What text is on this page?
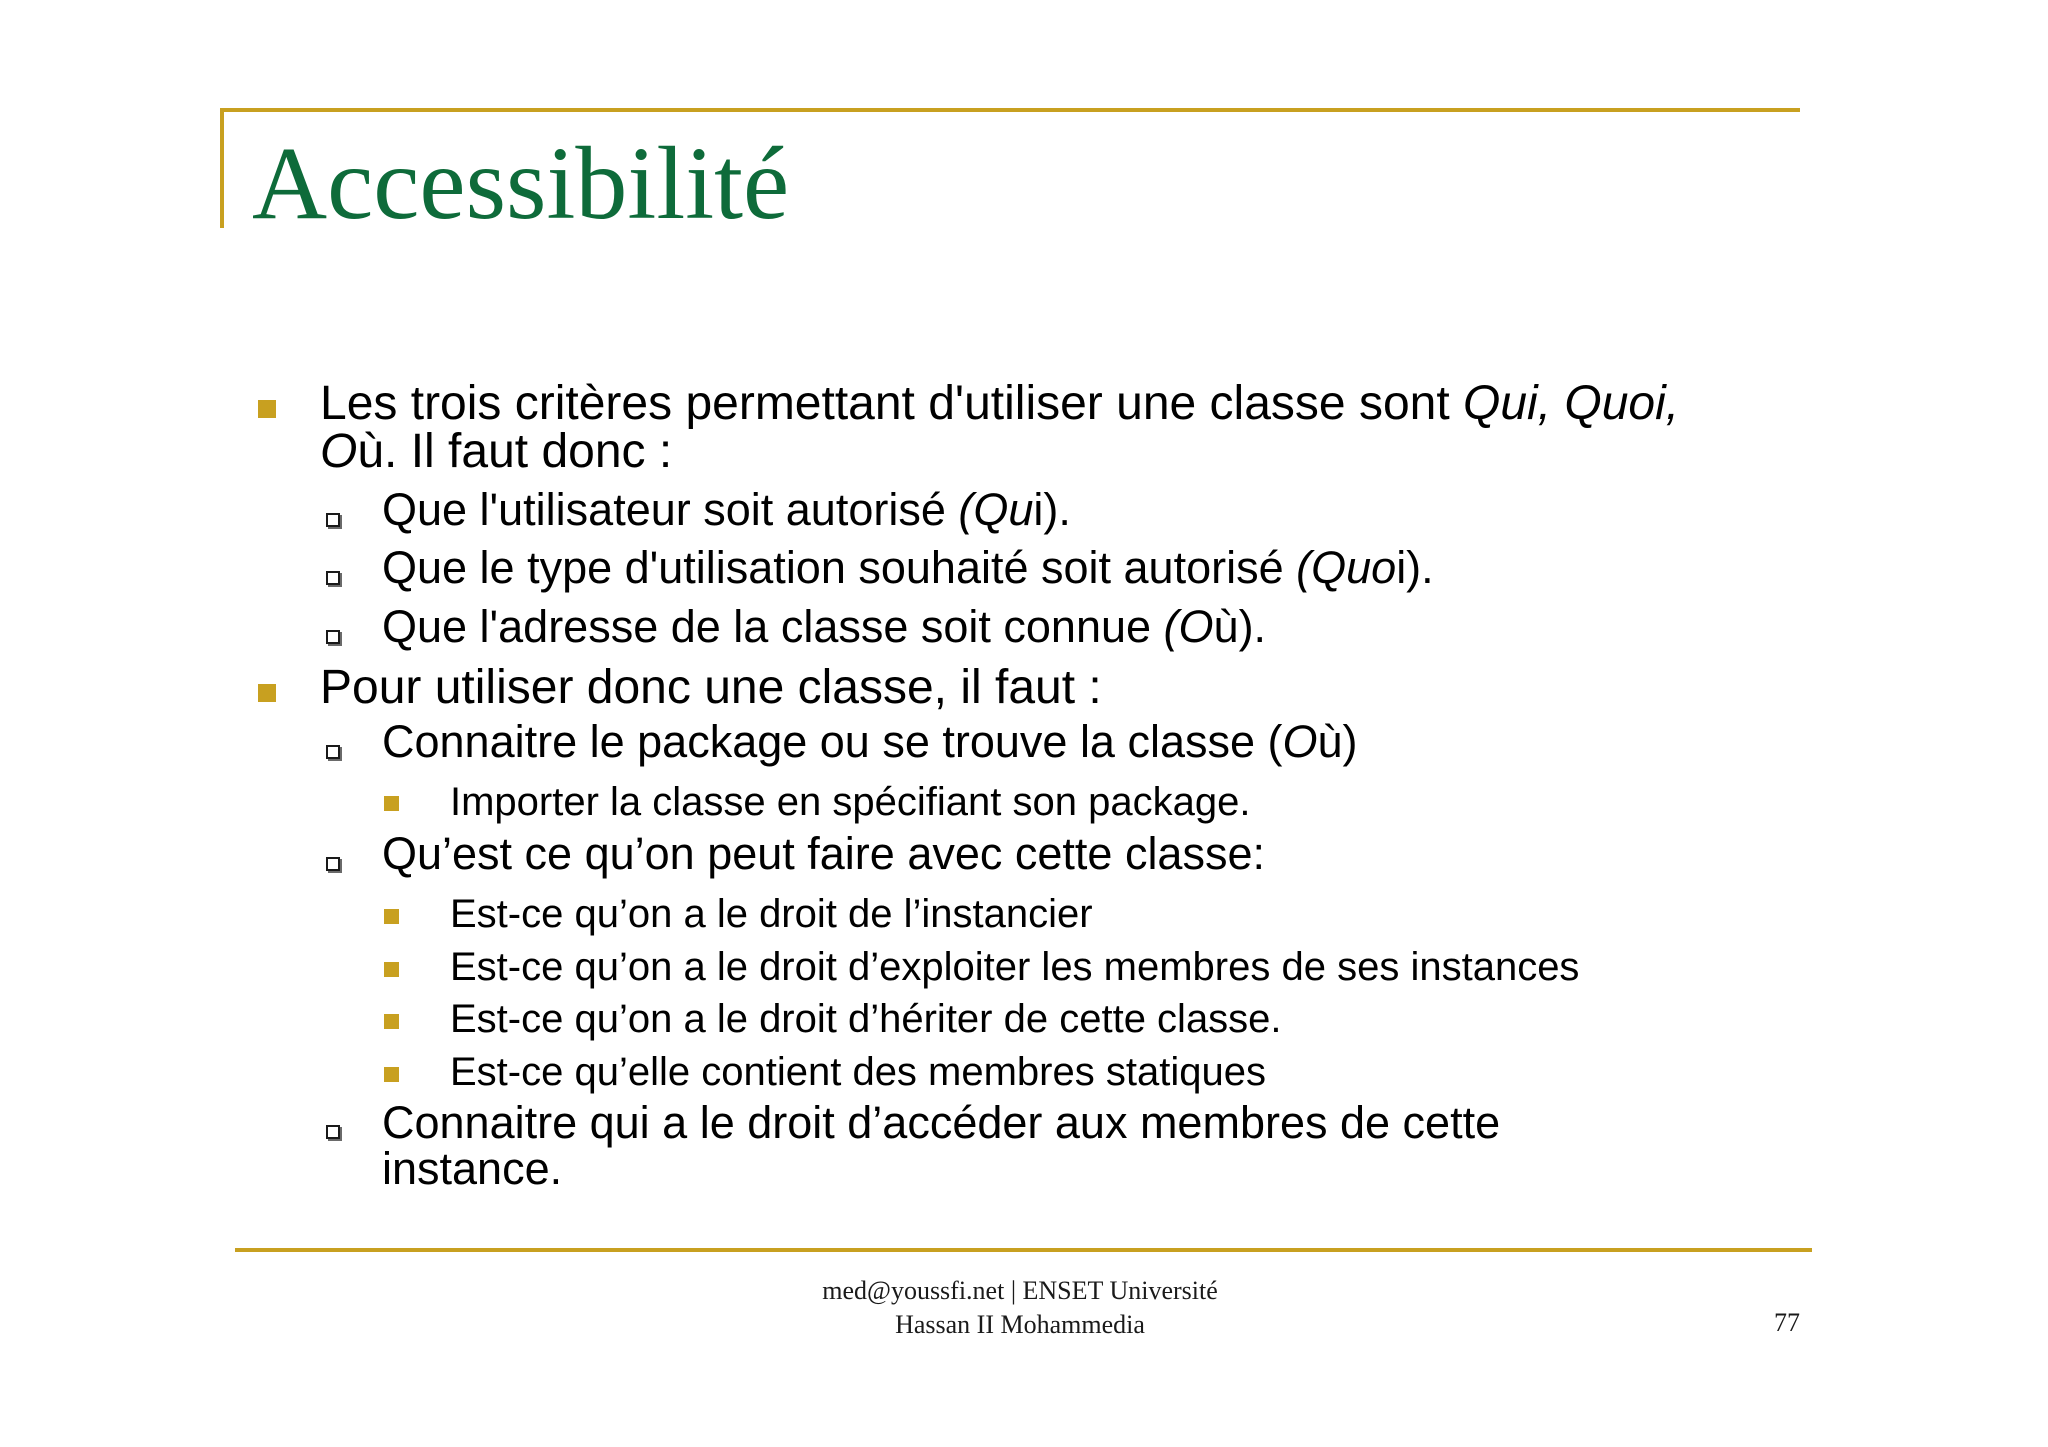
Accessibilité
Les trois critères permettant d'utiliser une classe sont Qui, Quoi,
Où. Il faut donc :
Que l'utilisateur soit autorisé (Qui).
Que le type d'utilisation souhaité soit autorisé (Quoi).
Que l'adresse de la classe soit connue (Où).
Pour utiliser donc une classe, il faut :
Connaitre le package ou se trouve la classe (Où)
Importer la classe en spécifiant son package.
Qu’est ce qu’on peut faire avec cette classe:
Est-ce qu’on a le droit de l’instancier
Est-ce qu’on a le droit d’exploiter les membres de ses instances
Est-ce qu’on a le droit d’hériter de cette classe.
Est-ce qu’elle contient des membres statiques
Connaitre qui a le droit d’accéder aux membres de cette
instance.
med@youssfi.net | ENSET Université
Hassan II Mohammedia	77
